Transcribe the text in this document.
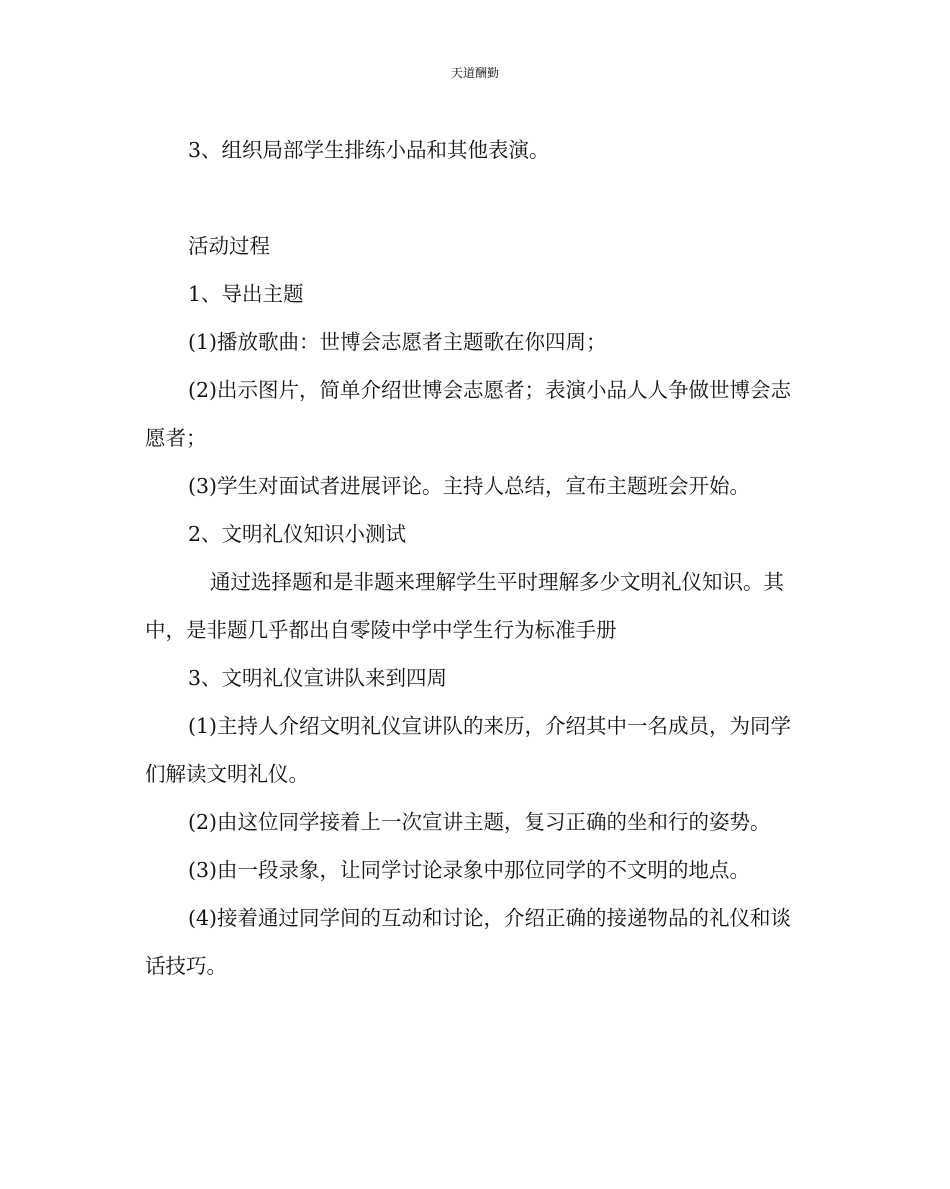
天道酬勤

3、组织局部学生排练小品和其他表演。

活动过程

1、导出主题

(1)播放歌曲：世博会志愿者主题歌在你四周；

(2)出示图片，简单介绍世博会志愿者；表演小品人人争做世博会志愿者；

(3)学生对面试者进展评论。主持人总结，宣布主题班会开始。

2、文明礼仪知识小测试

通过选择题和是非题来理解学生平时理解多少文明礼仪知识。其中，是非题几乎都出自零陵中学中学生行为标准手册

3、文明礼仪宣讲队来到四周

(1)主持人介绍文明礼仪宣讲队的来历，介绍其中一名成员，为同学们解读文明礼仪。

(2)由这位同学接着上一次宣讲主题，复习正确的坐和行的姿势。

(3)由一段录象，让同学讨论录象中那位同学的不文明的地点。

(4)接着通过同学间的互动和讨论，介绍正确的接递物品的礼仪和谈话技巧。
